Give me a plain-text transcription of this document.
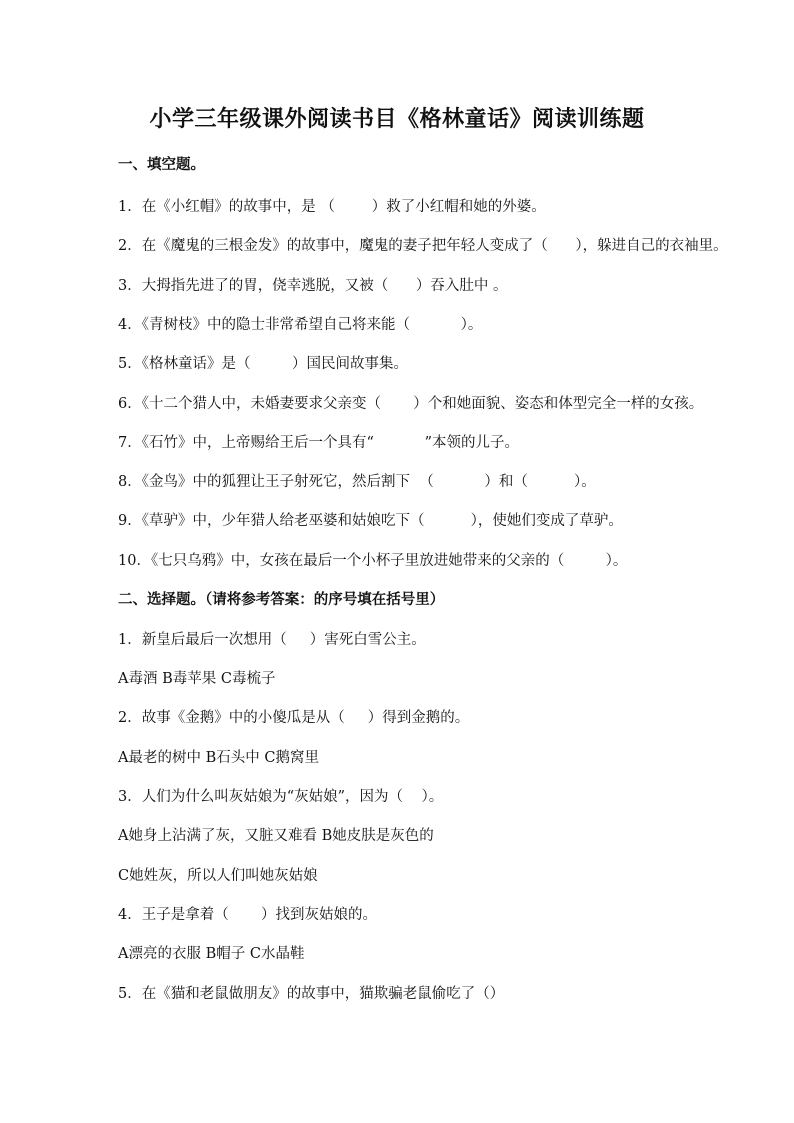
小学三年级课外阅读书目《格林童话》阅读训练题
一、填空题。
1．在《小红帽》的故事中，是 （        ）救了小红帽和她的外婆。
2．在《魔鬼的三根金发》的故事中，魔鬼的妻子把年轻人变成了（      ），躲进自己的衣袖里。
3．大拇指先进了的胃，侥幸逃脱，又被（      ）吞入肚中 。
4．《青树枝》中的隐士非常希望自己将来能（           ）。
5．《格林童话》是（         ）国民间故事集。
6．《十二个猎人中，未婚妻要求父亲变（       ）个和她面貌、姿态和体型完全一样的女孩。
7．《石竹》中，上帝赐给王后一个具有“           ”本领的儿子。
8．《金鸟》中的狐狸让王子射死它，然后割下  （           ）和（          ）。
9．《草驴》中，少年猎人给老巫婆和姑娘吃下（          ），使她们变成了草驴。
10．《七只乌鸦》中，女孩在最后一个小杯子里放进她带来的父亲的（         ）。
二、选择题。（请将参考答案：的序号填在括号里）
1．新皇后最后一次想用（     ）害死白雪公主。
A毒酒 B毒苹果 C毒梳子
2．故事《金鹅》中的小傻瓜是从（     ）得到金鹅的。
A最老的树中 B石头中 C鹅窝里
3．人们为什么叫灰姑娘为“灰姑娘”，因为（    ）。
A她身上沾满了灰，又脏又难看 B她皮肤是灰色的
C她姓灰，所以人们叫她灰姑娘
4．王子是拿着（       ）找到灰姑娘的。
A漂亮的衣服 B帽子 C水晶鞋
5．在《猫和老鼠做朋友》的故事中，猫欺骗老鼠偷吃了（）
